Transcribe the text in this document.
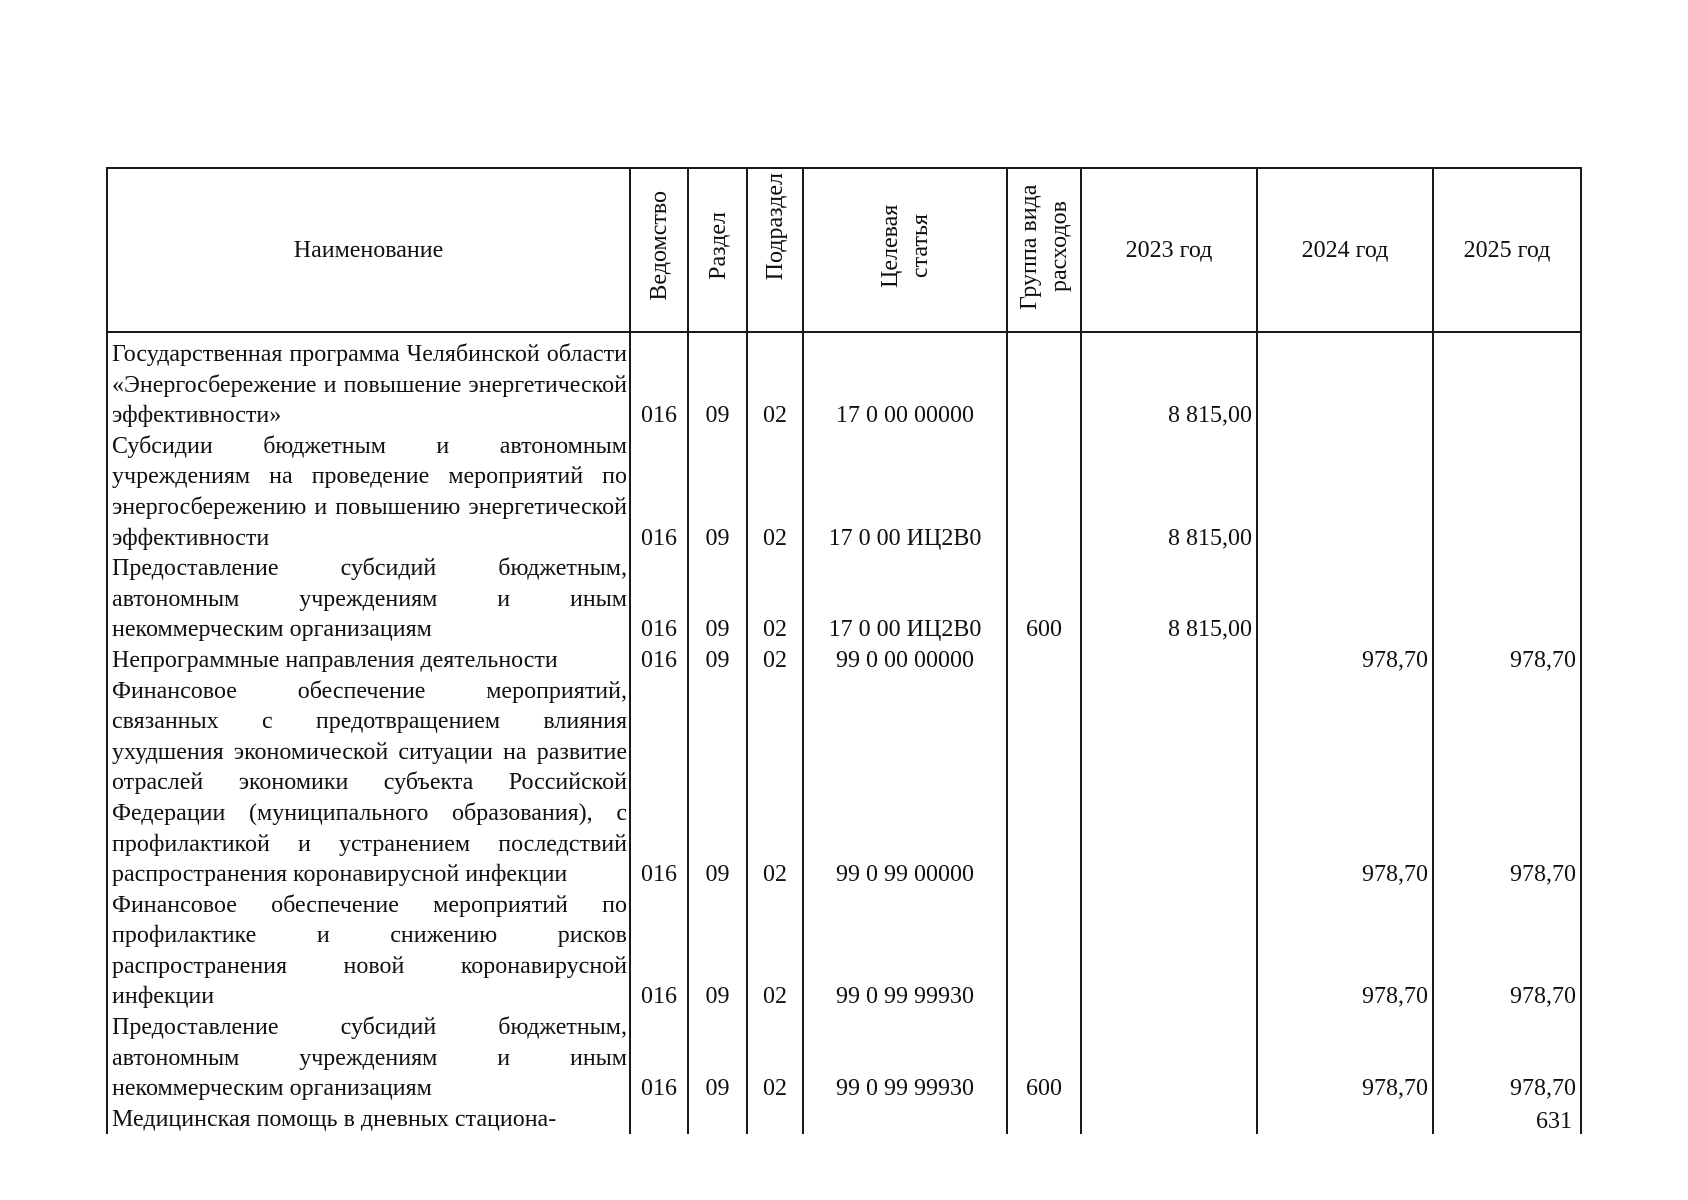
Наименование	Ведомство	Раздел	Подраздел	Целевая статья	Группа вида расходов	2023 год	2024 год	2025 год

Государственная программа Челябинской области «Энергосбережение и повышение энергетической эффективности»	016	09	02	17 0 00 00000		8 815,00		
Субсидии бюджетным и автономным учреждениям на проведение мероприятий по энергосбережению и повышению энергетической эффективности	016	09	02	17 0 00 ИЦ2В0		8 815,00		
Предоставление субсидий бюджетным, автономным учреждениям и иным некоммерческим организациям	016	09	02	17 0 00 ИЦ2В0	600	8 815,00		
Непрограммные направления деятельности	016	09	02	99 0 00 00000			978,70	978,70
Финансовое обеспечение мероприятий, связанных с предотвращением влияния ухудшения экономической ситуации на развитие отраслей экономики субъекта Российской Федерации (муниципального образования), с профилактикой и устранением последствий распространения коронавирусной инфекции	016	09	02	99 0 99 00000			978,70	978,70
Финансовое обеспечение мероприятий по профилактике и снижению рисков распространения новой коронавирусной инфекции	016	09	02	99 0 99 99930			978,70	978,70
Предоставление субсидий бюджетным, автономным учреждениям и иным некоммерческим организациям	016	09	02	99 0 99 99930	600		978,70	978,70
Медицинская помощь в дневных стациона-									631
